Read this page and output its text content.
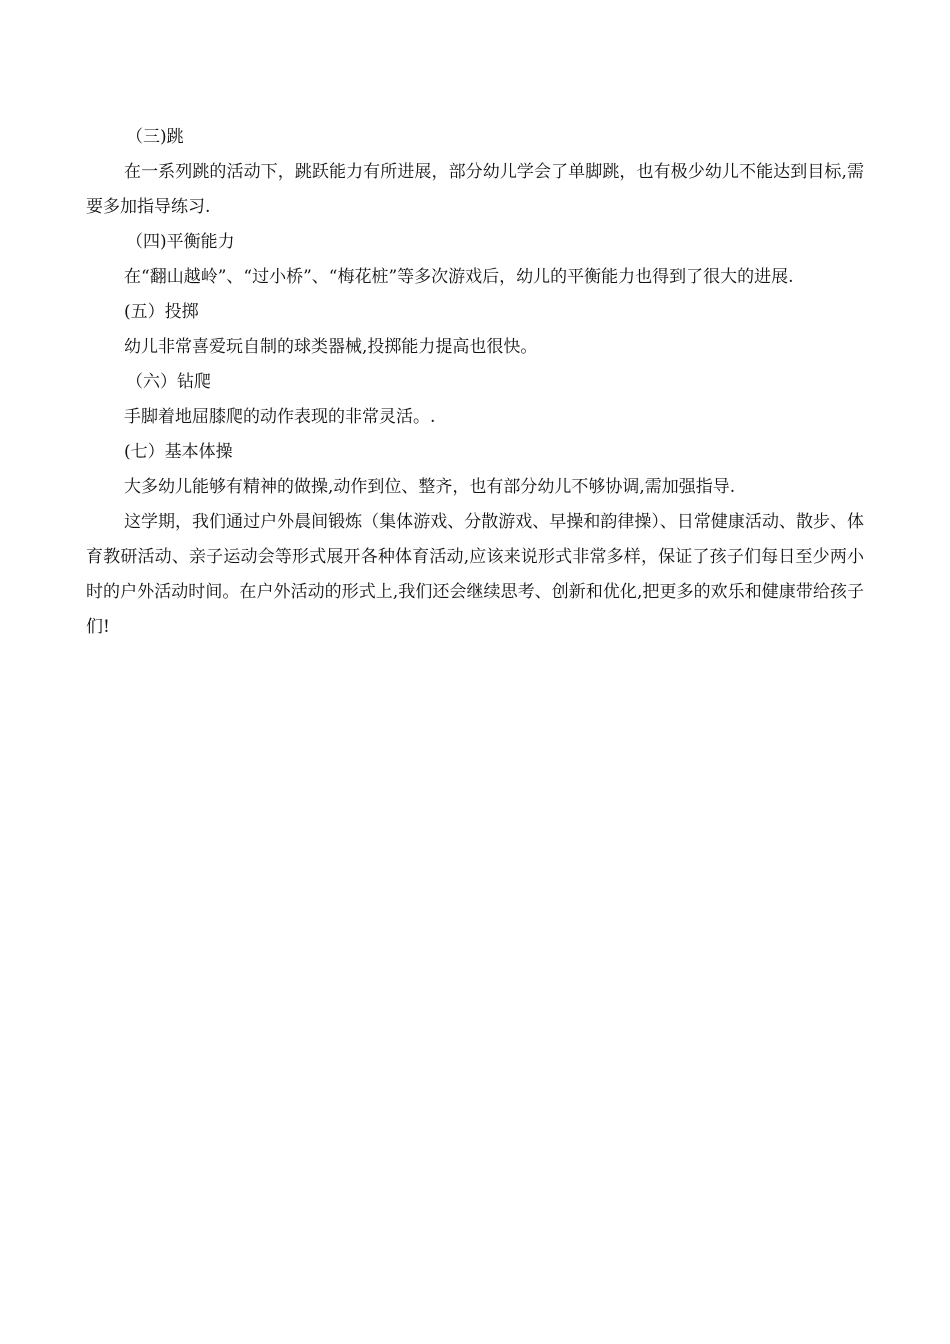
（三)跳

在一系列跳的活动下，跳跃能力有所进展，部分幼儿学会了单脚跳，也有极少幼儿不能达到目标,需要多加指导练习.

（四)平衡能力

在“翻山越岭”、“过小桥”、“梅花桩”等多次游戏后，幼儿的平衡能力也得到了很大的进展.

(五）投掷

幼儿非常喜爱玩自制的球类器械,投掷能力提高也很快。

（六）钻爬

手脚着地屈膝爬的动作表现的非常灵活。.

(七）基本体操

大多幼儿能够有精神的做操,动作到位、整齐，也有部分幼儿不够协调,需加强指导.

这学期，我们通过户外晨间锻炼（集体游戏、分散游戏、早操和韵律操）、日常健康活动、散步、体育教研活动、亲子运动会等形式展开各种体育活动,应该来说形式非常多样，保证了孩子们每日至少两小时的户外活动时间。在户外活动的形式上,我们还会继续思考、创新和优化,把更多的欢乐和健康带给孩子们!
